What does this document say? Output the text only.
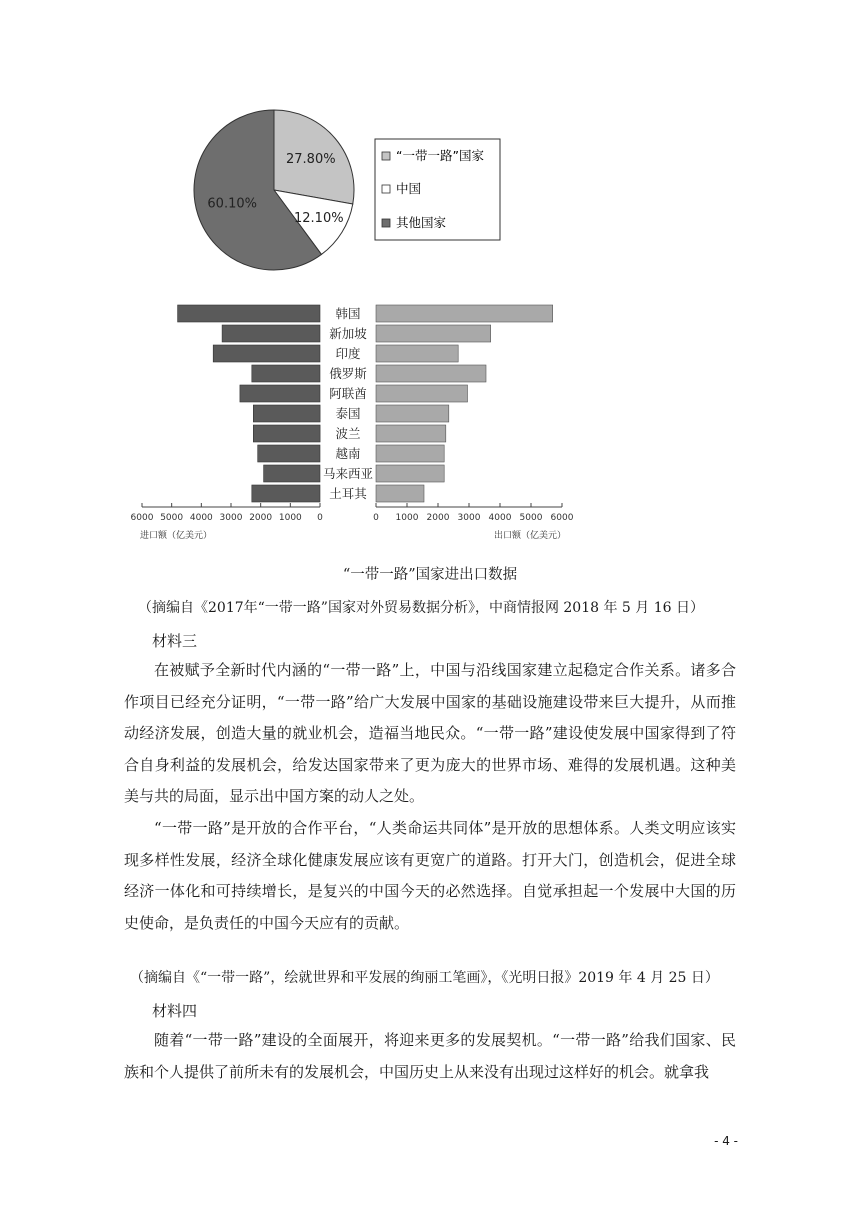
27.80%
12.10%
60.10%
“一带一路”国家
中国
其他国家
韩国
新加坡
印度
俄罗斯
阿联酋
泰国
波兰
越南
马来西亚
土耳其
6000 5000 4000 3000 2000 1000 0	0 1000 2000 3000 4000 5000 6000
进口额（亿美元）	出口额（亿美元）
“一带一路”国家进出口数据
（摘编自《2017年“一带一路”国家对外贸易数据分析》，中商情报网 2018 年 5 月 16 日）
材料三
在被赋予全新时代内涵的“一带一路”上，中国与沿线国家建立起稳定合作关系。诸多合作项目已经充分证明，“一带一路”给广大发展中国家的基础设施建设带来巨大提升，从而推动经济发展，创造大量的就业机会，造福当地民众。“一带一路”建设使发展中国家得到了符合自身利益的发展机会，给发达国家带来了更为庞大的世界市场、难得的发展机遇。这种美美与共的局面，显示出中国方案的动人之处。
“一带一路”是开放的合作平台，“人类命运共同体”是开放的思想体系。人类文明应该实现多样性发展，经济全球化健康发展应该有更宽广的道路。打开大门，创造机会，促进全球经济一体化和可持续增长，是复兴的中国今天的必然选择。自觉承担起一个发展中大国的历史使命，是负责任的中国今天应有的贡献。
（摘编自《“一带一路”，绘就世界和平发展的绚丽工笔画》，《光明日报》2019 年 4 月 25 日）
材料四
随着“一带一路”建设的全面展开，将迎来更多的发展契机。“一带一路”给我们国家、民族和个人提供了前所未有的发展机会，中国历史上从来没有出现过这样好的机会。就拿我
- 4 -
